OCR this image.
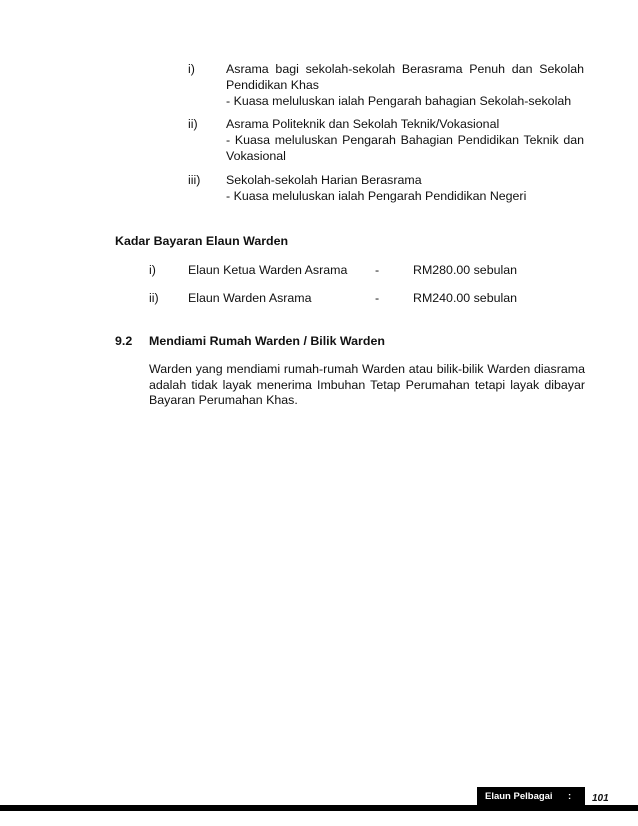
i)	Asrama bagi sekolah-sekolah Berasrama Penuh dan Sekolah Pendidikan Khas
- Kuasa meluluskan ialah Pengarah bahagian Sekolah-sekolah
ii) Asrama Politeknik dan Sekolah Teknik/Vokasional
- Kuasa meluluskan Pengarah Bahagian Pendidikan Teknik dan Vokasional
iii) Sekolah-sekolah Harian Berasrama
- Kuasa meluluskan ialah Pengarah Pendidikan Negeri
Kadar Bayaran Elaun Warden
i)	Elaun Ketua Warden Asrama -	RM280.00 sebulan
ii) Elaun Warden Asrama	-	RM240.00 sebulan
9.2 Mendiami Rumah Warden / Bilik Warden
Warden yang mendiami rumah-rumah Warden atau bilik-bilik Warden diasrama adalah tidak layak menerima Imbuhan Tetap Perumahan tetapi layak dibayar Bayaran Perumahan Khas.
Elaun Pelbagai : 101
